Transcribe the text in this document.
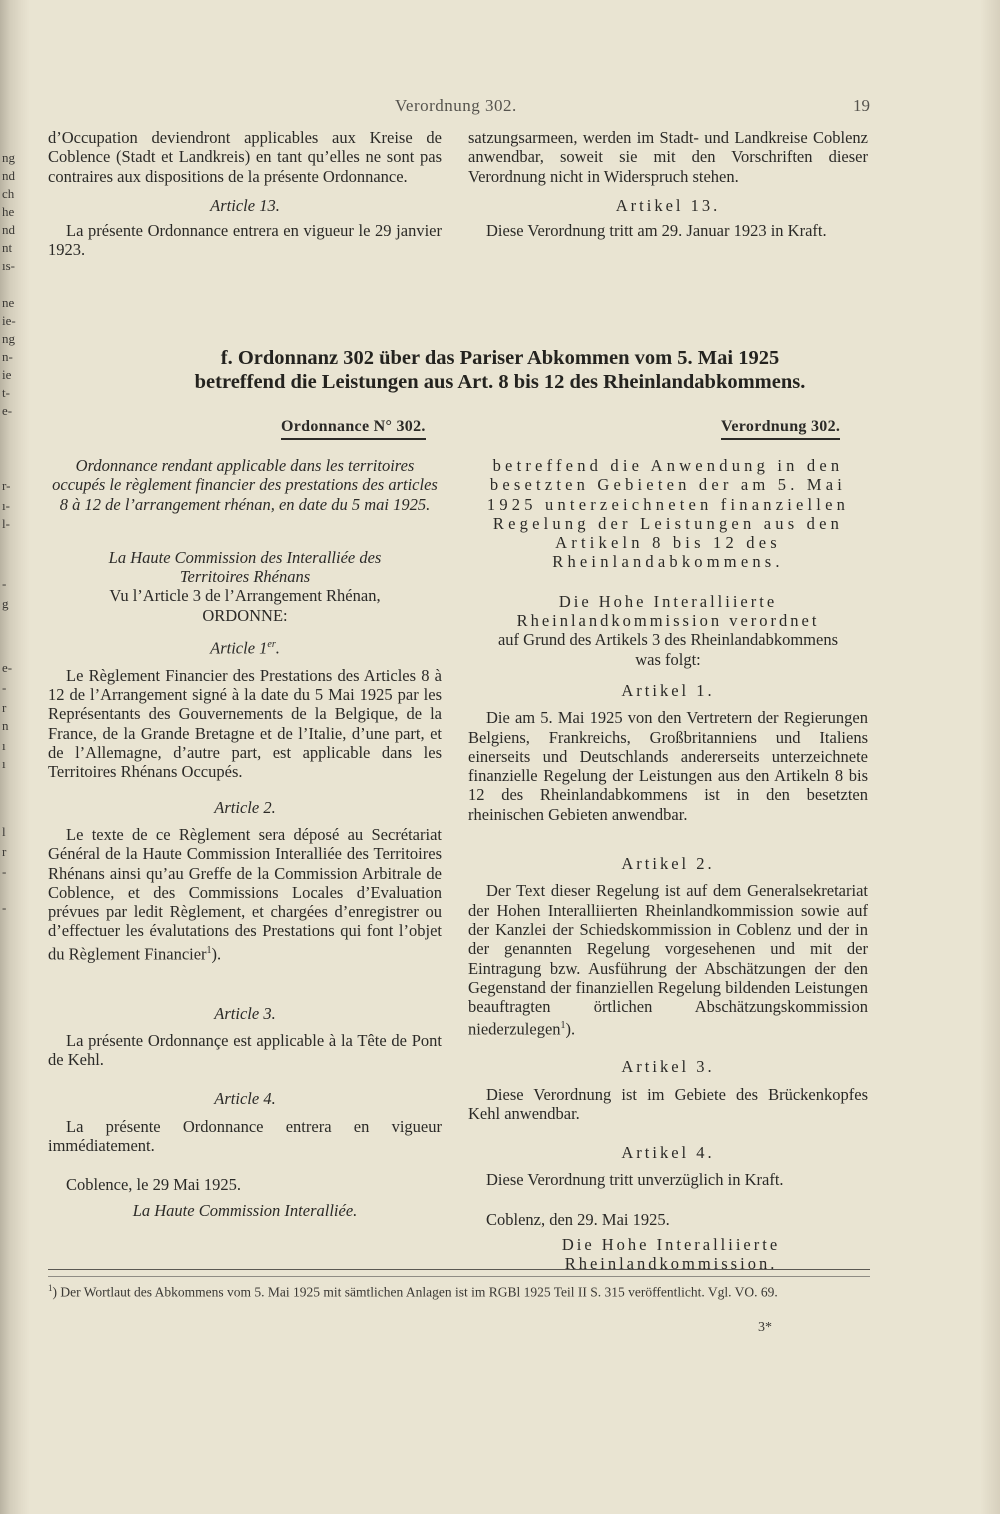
ng
nd
ch
he
nd
nt
ıs-
ne
ie-
ng
n-
ie
t-
e-
r-
ı-
l-
-
g
e-
-
r
n
ı
ı
l
r
-
-
Verordnung 302.	19

d’Occupation deviendront applicables aux Kreise de Coblence (Stadt et Landkreis) en tant qu’elles ne sont pas contraires aux dispositions de la présente Ordonnance.

Article 13.

La présente Ordonnance entrera en vigueur le 29 janvier 1923.

satzungsarmeen, werden im Stadt- und Landkreise Coblenz anwendbar, soweit sie mit den Vorschriften dieser Verordnung nicht in Widerspruch stehen.

Artikel 13.

Diese Verordnung tritt am 29. Januar 1923 in Kraft.

f. Ordonnanz 302 über das Pariser Abkommen vom 5. Mai 1925
betreffend die Leistungen aus Art. 8 bis 12 des Rheinlandabkommens.
Ordonnance N° 302.	Verordnung 302.

Ordonnance rendant applicable dans les territoires occupés le règlement financier des prestations des articles 8 à 12 de l’arrangement rhénan, en date du 5 mai 1925.

La Haute Commission des Interalliée des Territoires Rhénans

Vu l’Article 3 de l’Arrangement Rhénan,

ORDONNE:

Article 1er.

Le Règlement Financier des Prestations des Articles 8 à 12 de l’Arrangement signé à la date du 5 Mai 1925 par les Représentants des Gouvernements de la Belgique, de la France, de la Grande Bretagne et de l’Italie, d’une part, et de l’Allemagne, d’autre part, est applicable dans les Territoires Rhénans Occupés.

Article 2.

Le texte de ce Règlement sera déposé au Secrétariat Général de la Haute Commission Interalliée des Territoires Rhénans ainsi qu’au Greffe de la Commission Arbitrale de Coblence, et des Commissions Locales d’Evaluation prévues par ledit Règlement, et chargées d’enregistrer ou d’effectuer les évalutations des Prestations qui font l’objet du Règlement Financier$^1$).

Article 3.

La présente Ordonnançe est applicable à la Tête de Pont de Kehl.

Article 4.

La présente Ordonnance entrera en vigueur immédiatement.

Coblence, le 29 Mai 1925.

La Haute Commission Interalliée.

betreffend die Anwendung in den besetzten Gebieten der am 5. Mai 1925 unterzeichneten finanziellen Regelung der Leistungen aus den Artikeln 8 bis 12 des Rheinlandabkommens.

Die Hohe Interalliierte Rheinlandkommission verordnet

auf Grund des Artikels 3 des Rheinlandabkommens was folgt:

Artikel 1.

Die am 5. Mai 1925 von den Vertretern der Regierungen Belgiens, Frankreichs, Großbritanniens und Italiens einerseits und Deutschlands andererseits unterzeichnete finanzielle Regelung der Leistungen aus den Artikeln 8 bis 12 des Rheinlandabkommens ist in den besetzten rheinischen Gebieten anwendbar.

Artikel 2.

Der Text dieser Regelung ist auf dem Generalsekretariat der Hohen Interalliierten Rheinlandkommission sowie auf der Kanzlei der Schiedskommission in Coblenz und der in der genannten Regelung vorgesehenen und mit der Eintragung bzw. Ausführung der Abschätzungen der den Gegenstand der finanziellen Regelung bildenden Leistungen beauftragten örtlichen Abschätzungskommission niederzulegen$^1$).

Artikel 3.

Diese Verordnung ist im Gebiete des Brückenkopfes Kehl anwendbar.

Artikel 4.

Diese Verordnung tritt unverzüglich in Kraft.

Coblenz, den 29. Mai 1925.

Die Hohe Interalliierte Rheinlandkommission.

$^1$) Der Wortlaut des Abkommens vom 5. Mai 1925 mit sämtlichen Anlagen ist im RGBl 1925 Teil II S. 315 veröffentlicht. Vgl. VO. 69.
3*
